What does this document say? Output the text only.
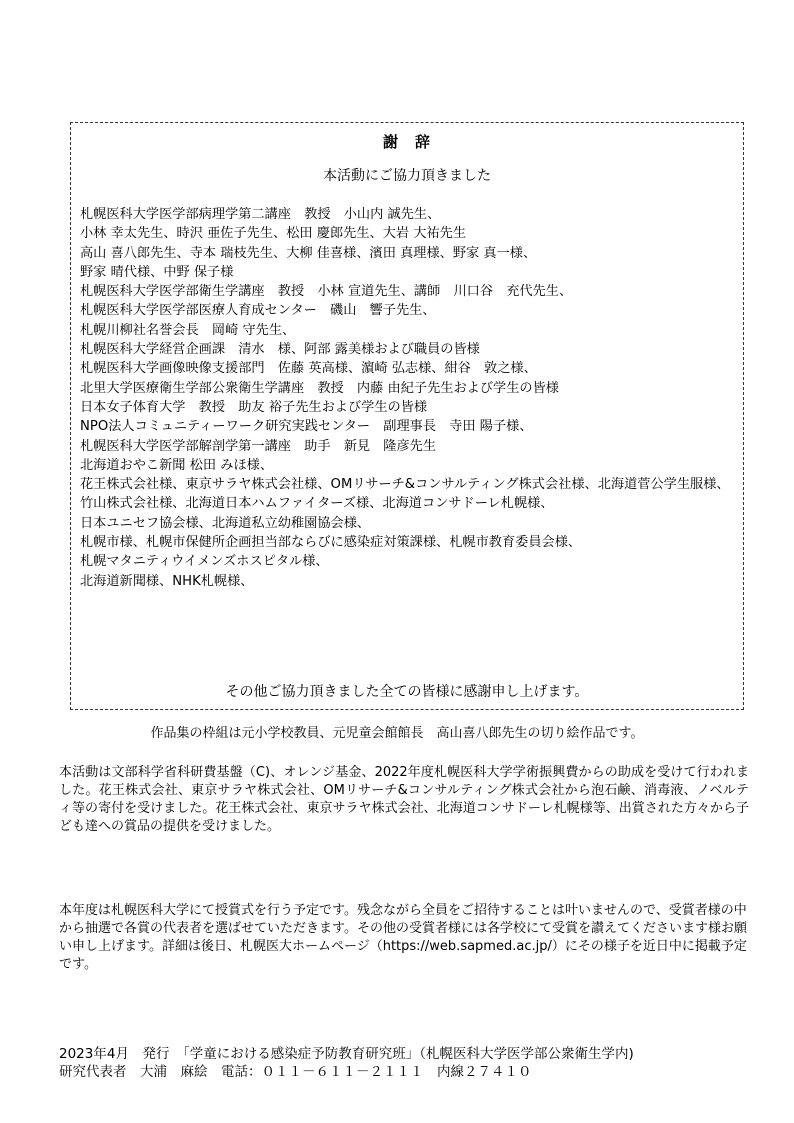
謝　辞
本活動にご協力頂きました
札幌医科大学医学部病理学第二講座　教授　小山内 誠先生、
小林 幸太先生、時沢 亜佐子先生、松田 慶郎先生、大岩 大祐先生
高山 喜八郎先生、寺本 瑞枝先生、大柳 佳喜様、濱田 真理様、野家 真一様、
野家 晴代様、中野 保子様
札幌医科大学医学部衛生学講座　教授　小林 宣道先生、講師　川口谷　充代先生、
札幌医科大学医学部医療人育成センター　磯山　響子先生、
札幌川柳社名誉会長　岡崎 守先生、
札幌医科大学経営企画課　清水　様、阿部 露美様および職員の皆様
札幌医科大学画像映像支援部門　佐藤 英高様、濵崎 弘志様、紺谷　敦之様、
北里大学医療衛生学部公衆衛生学講座　教授　内藤 由紀子先生および学生の皆様
日本女子体育大学　教授　助友 裕子先生および学生の皆様
NPO法人コミュニティーワーク研究実践センター　副理事長　寺田 陽子様、
札幌医科大学医学部解剖学第一講座　助手　新見　隆彦先生
北海道おやこ新聞 松田 みほ様、
花王株式会社様、東京サラヤ株式会社様、OMリサーチ&コンサルティング株式会社様、北海道菅公学生服様、竹山株式会社様、北海道日本ハムファイターズ様、北海道コンサドーレ札幌様、
日本ユニセフ協会様、北海道私立幼稚園協会様、
札幌市様、札幌市保健所企画担当部ならびに感染症対策課様、札幌市教育委員会様、
札幌マタニティウイメンズホスピタル様、
北海道新聞様、NHK札幌様、
その他ご協力頂きました全ての皆様に感謝申し上げます。
作品集の枠組は元小学校教員、元児童会館館長　高山喜八郎先生の切り絵作品です。

本活動は文部科学省科研費基盤（C)、オレンジ基金、2022年度札幌医科大学学術振興費からの助成を受けて行われました。花王株式会社、東京サラヤ株式会社、OMリサーチ&コンサルティング株式会社から泡石鹸、消毒液、ノベルティ等の寄付を受けました。花王株式会社、東京サラヤ株式会社、北海道コンサドーレ札幌様等、出賞された方々から子ども達への賞品の提供を受けました。

本年度は札幌医科大学にて授賞式を行う予定です。残念ながら全員をご招待することは叶いませんので、受賞者様の中から抽選で各賞の代表者を選ばせていただきます。その他の受賞者様には各学校にて受賞を讃えてくださいます様お願い申し上げます。詳細は後日、札幌医大ホームページ（https://web.sapmed.ac.jp/）にその様子を近日中に掲載予定です。

2023年4月　発行　「学童における感染症予防教育研究班」（札幌医科大学医学部公衆衛生学内)
研究代表者　大浦　麻絵　電話：０１１－６１１－２１１１　内線２７４１０
